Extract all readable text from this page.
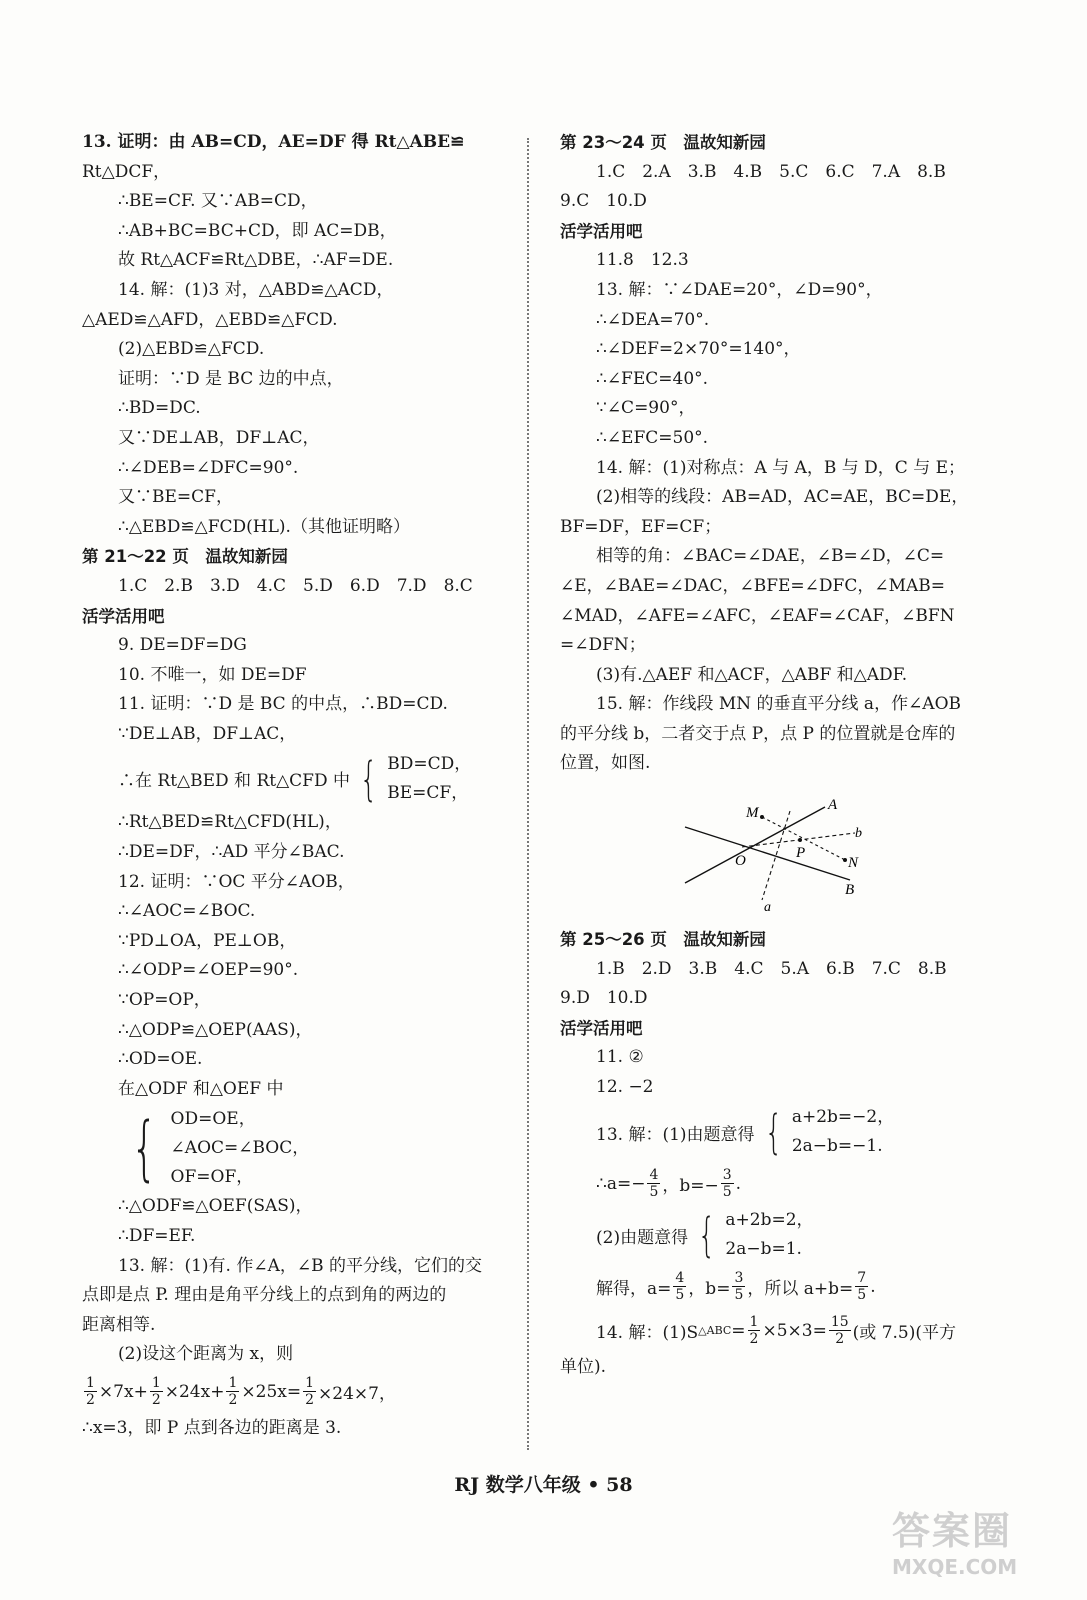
13. 证明：由 AB=CD，AE=DF 得 Rt△ABE≌
Rt△DCF，
∴BE=CF. 又∵AB=CD，
∴AB+BC=BC+CD，即 AC=DB，
故 Rt△ACF≌Rt△DBE，∴AF=DE.
14. 解：(1)3 对，△ABD≌△ACD，
△AED≌△AFD，△EBD≌△FCD.
(2)△EBD≌△FCD.
证明：∵D 是 BC 边的中点，
∴BD=DC.
又∵DE⊥AB，DF⊥AC，
∴∠DEB=∠DFC=90°.
又∵BE=CF，
∴△EBD≌△FCD(HL).（其他证明略）
第 21～22 页　温故知新园
1.C　2.B　3.D　4.C　5.D　6.D　7.D　8.C
活学活用吧
9. DE=DF=DG
10. 不唯一，如 DE=DF
11. 证明：∵D 是 BC 的中点，∴BD=CD.
∵DE⊥AB，DF⊥AC，
∴在 Rt△BED 和 Rt△CFD 中 { BD=CD，
BE=CF，
∴Rt△BED≌Rt△CFD(HL)，
∴DE=DF，∴AD 平分∠BAC.
12. 证明：∵OC 平分∠AOB，
∴∠AOC=∠BOC.
∵PD⊥OA，PE⊥OB，
∴∠ODP=∠OEP=90°.
∵OP=OP，
∴△ODP≌△OEP(AAS)，
∴OD=OE.
在△ODF 和△OEF 中
{ OD=OE，
∠AOC=∠BOC，
OF=OF，
∴△ODF≌△OEF(SAS)，
∴DF=EF.
13. 解：(1)有. 作∠A，∠B 的平分线，它们的交
点即是点 P. 理由是角平分线上的点到角的两边的
距离相等.
(2)设这个距离为 x，则
$\frac{1}{2} \times 7x+ \frac{1}{2} \times 24x+ \frac{1}{2} \times 25x= \frac{1}{2} \times 24\times 7$，
∴x=3，即 P 点到各边的距离是 3.
第 23～24 页　温故知新园
1.C　2.A　3.B　4.B　5.C　6.C　7.A　8.B
9.C　10.D
活学活用吧
11.8　12.3
13. 解：∵∠DAE=20°，∠D=90°，
∴∠DEA=70°.
∴∠DEF=2×70°=140°，
∴∠FEC=40°.
∵∠C=90°，
∴∠EFC=50°.
14. 解：(1)对称点：A 与 A，B 与 D，C 与 E；
(2)相等的线段：AB=AD，AC=AE，BC=DE，
BF=DF，EF=CF；
相等的角：∠BAC=∠DAE，∠B=∠D，∠C=
∠E，∠BAE=∠DAC，∠BFE=∠DFC，∠MAB=
∠MAD，∠AFE=∠AFC，∠EAF=∠CAF，∠BFN
=∠DFN；
(3)有.△AEF 和△ACF，△ABF 和△ADF.
15. 解：作线段 MN 的垂直平分线 a，作∠AOB
的平分线 b，二者交于点 P，点 P 的位置就是仓库的
位置，如图.
M	A
b
O	P
N
B
a
第 25～26 页　温故知新园
1.B　2.D　3.B　4.C　5.A　6.B　7.C　8.B
9.D　10.D
活学活用吧
11. ②
12. −2
13. 解：(1)由题意得 { a+2b=−2，
2a−b=−1.
∴a=− $\frac{4}{5}$ ，$b=- \frac{3}{5}$ .
(2)由题意得 { a+2b=2，
2a−b=1.
解得，$a= \frac{4}{5}$ ，$b= \frac{3}{5}$ ，所以 $a+b= \frac{7}{5}$ .
14. 解：(1)S △ABC = $\frac{1}{2} \times 5\times 3= \frac{15}{2}$ (或 7.5)(平方
单位).
RJ 数学八年级 • 58
答案圈
MXQE.COM
